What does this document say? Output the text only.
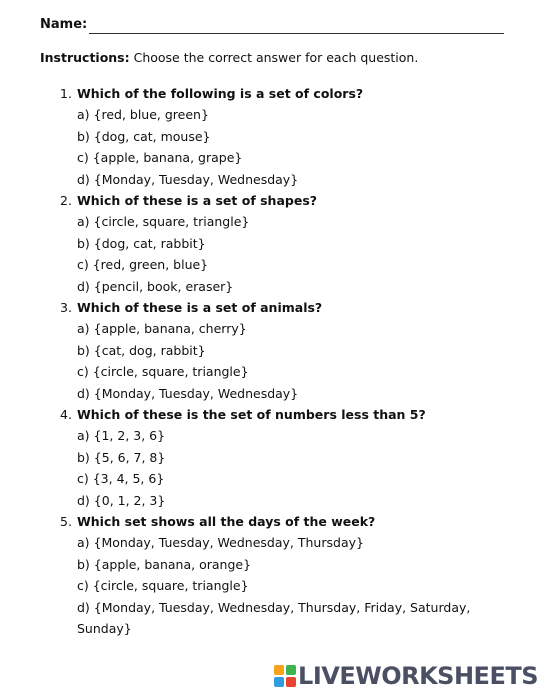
Name:
Instructions: Choose the correct answer for each question.
1. Which of the following is a set of colors?
a) {red, blue, green}
b) {dog, cat, mouse}
c) {apple, banana, grape}
d) {Monday, Tuesday, Wednesday}
2. Which of these is a set of shapes?
a) {circle, square, triangle}
b) {dog, cat, rabbit}
c) {red, green, blue}
d) {pencil, book, eraser}
3. Which of these is a set of animals?
a) {apple, banana, cherry}
b) {cat, dog, rabbit}
c) {circle, square, triangle}
d) {Monday, Tuesday, Wednesday}
4. Which of these is the set of numbers less than 5?
a) {1, 2, 3, 6}
b) {5, 6, 7, 8}
c) {3, 4, 5, 6}
d) {0, 1, 2, 3}
5. Which set shows all the days of the week?
a) {Monday, Tuesday, Wednesday, Thursday}
b) {apple, banana, orange}
c) {circle, square, triangle}
d) {Monday, Tuesday, Wednesday, Thursday, Friday, Saturday, Sunday}
LIVEWORKSHEETS
